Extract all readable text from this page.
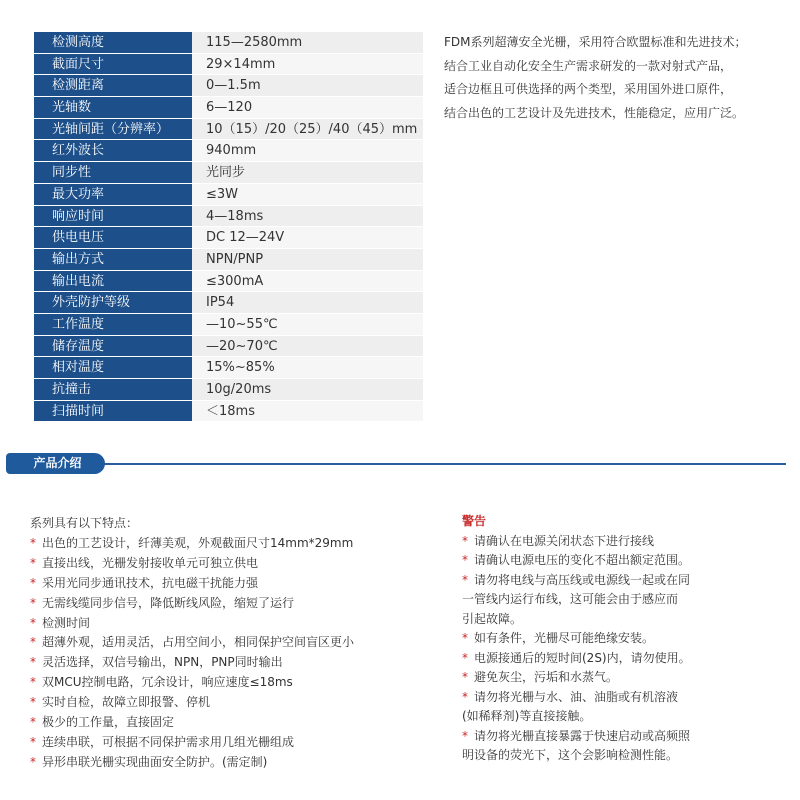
检测高度	115—2580mm
截面尺寸	29×14mm
检测距离	0—1.5m
光轴数	6—120
光轴间距（分辨率）	10（15）/20（25）/40（45）mm
红外波长	940mm
同步性	光同步
最大功率	≤3W
响应时间	4—18ms
供电电压	DC 12—24V
输出方式	NPN/PNP
输出电流	≤300mA
外壳防护等级	IP54
工作温度	—10~55℃
储存温度	—20~70℃
相对温度	15%~85%
抗撞击	10g/20ms
扫描时间	＜18ms

FDM系列超薄安全光栅，采用符合欧盟标准和先进技术；

结合工业自动化安全生产需求研发的一款对射式产品，

适合边框且可供选择的两个类型，采用国外进口原件，

结合出色的工艺设计及先进技术，性能稳定，应用广泛。

产品介绍

系列具有以下特点：

* 出色的工艺设计，纤薄美观，外观截面尺寸14mm*29mm
* 直接出线，光栅发射接收单元可独立供电
* 采用光同步通讯技术，抗电磁干扰能力强
* 无需线缆同步信号，降低断线风险，缩短了运行
* 检测时间
* 超薄外观，适用灵活，占用空间小，相同保护空间盲区更小
* 灵活选择，双信号输出，NPN，PNP同时输出
* 双MCU控制电路，冗余设计，响应速度≤18ms
* 实时自检，故障立即报警、停机
* 极少的工作量，直接固定
* 连续串联，可根据不同保护需求用几组光栅组成
* 异形串联光栅实现曲面安全防护。(需定制)

警告

* 请确认在电源关闭状态下进行接线
* 请确认电源电压的变化不超出额定范围。
* 请勿将电线与高压线或电源线一起或在同
一管线内运行布线，这可能会由于感应而
引起故障。
* 如有条件，光栅尽可能绝缘安装。
* 电源接通后的短时间(2S)内，请勿使用。
* 避免灰尘，污垢和水蒸气。
* 请勿将光栅与水、油、油脂或有机溶液
(如稀释剂)等直接接触。
* 请勿将光栅直接暴露于快速启动或高频照
明设备的荧光下，这个会影响检测性能。
